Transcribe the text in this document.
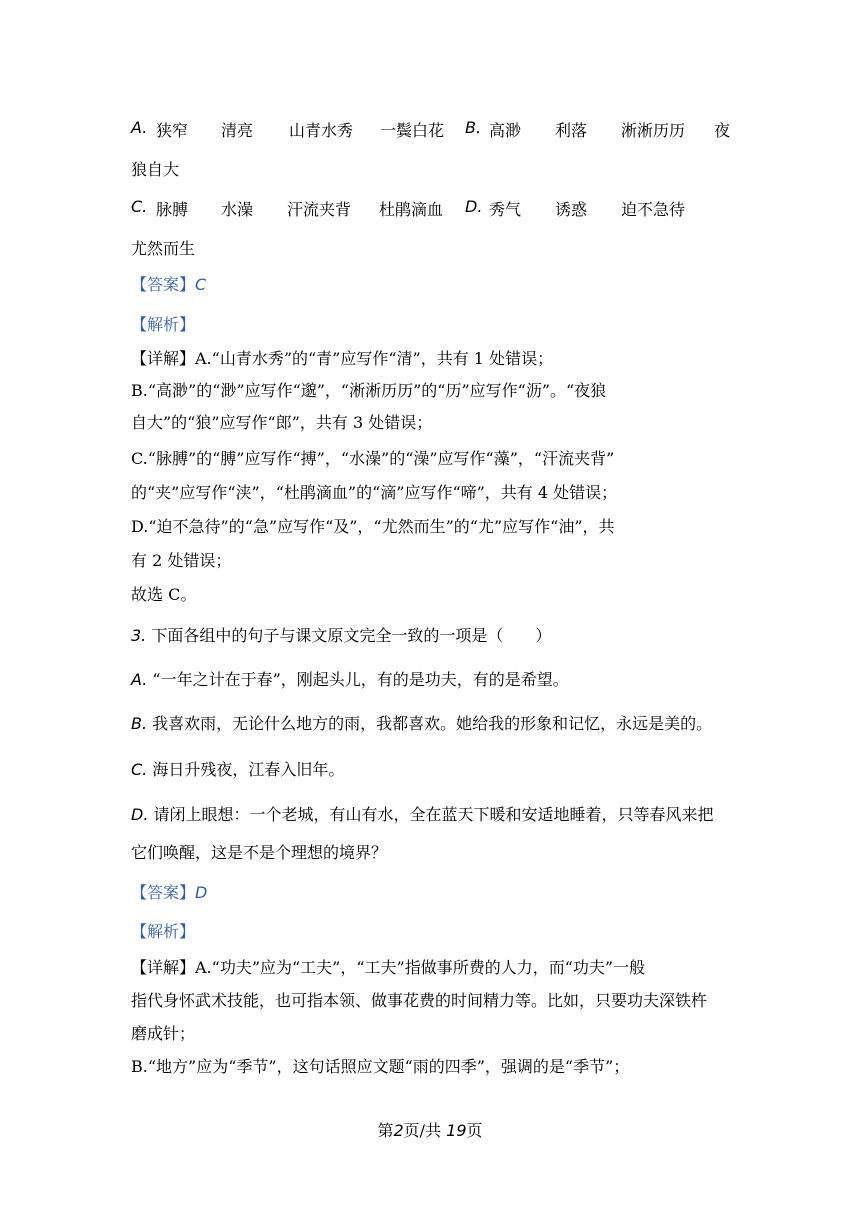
A. 狭窄 清亮 山青水秀 一鬓白花 B. 高渺 利落 淅淅历历 夜
狼自大
C. 脉膊 水澡 汗流夹背 杜鹃滴血 D. 秀气 诱惑 迫不急待
尤然而生
【答案】C
【解析】
【详解】A.“山青水秀”的“青”应写作“清”，共有 1 处错误；
B.“高渺”的“渺”应写作“邈”，“淅淅历历”的“历”应写作“沥”。“夜狼
自大”的“狼”应写作“郎”，共有 3 处错误；
C.“脉膊”的“膊”应写作“搏”，“水澡”的“澡”应写作“藻”，“汗流夹背”
的“夹”应写作“浃”，“杜鹃滴血”的“滴”应写作“啼”，共有 4 处错误；
D.“迫不急待”的“急”应写作“及”，“尤然而生”的“尤”应写作“油”，共
有 2 处错误；
故选 C。
3. 下面各组中的句子与课文原文完全一致的一项是（　　）
A. “一年之计在于春”，刚起头儿，有的是功夫，有的是希望。
B. 我喜欢雨，无论什么地方的雨，我都喜欢。她给我的形象和记忆，永远是美的。
C. 海日升残夜，江春入旧年。
D. 请闭上眼想：一个老城，有山有水，全在蓝天下暖和安适地睡着，只等春风来把
它们唤醒，这是不是个理想的境界？
【答案】D
【解析】
【详解】A.“功夫”应为“工夫”，“工夫”指做事所费的人力，而“功夫”一般
指代身怀武术技能，也可指本领、做事花费的时间精力等。比如，只要功夫深铁杵
磨成针；
B.“地方”应为“季节”，这句话照应文题“雨的四季”，强调的是“季节”；
第2页/共 19页
